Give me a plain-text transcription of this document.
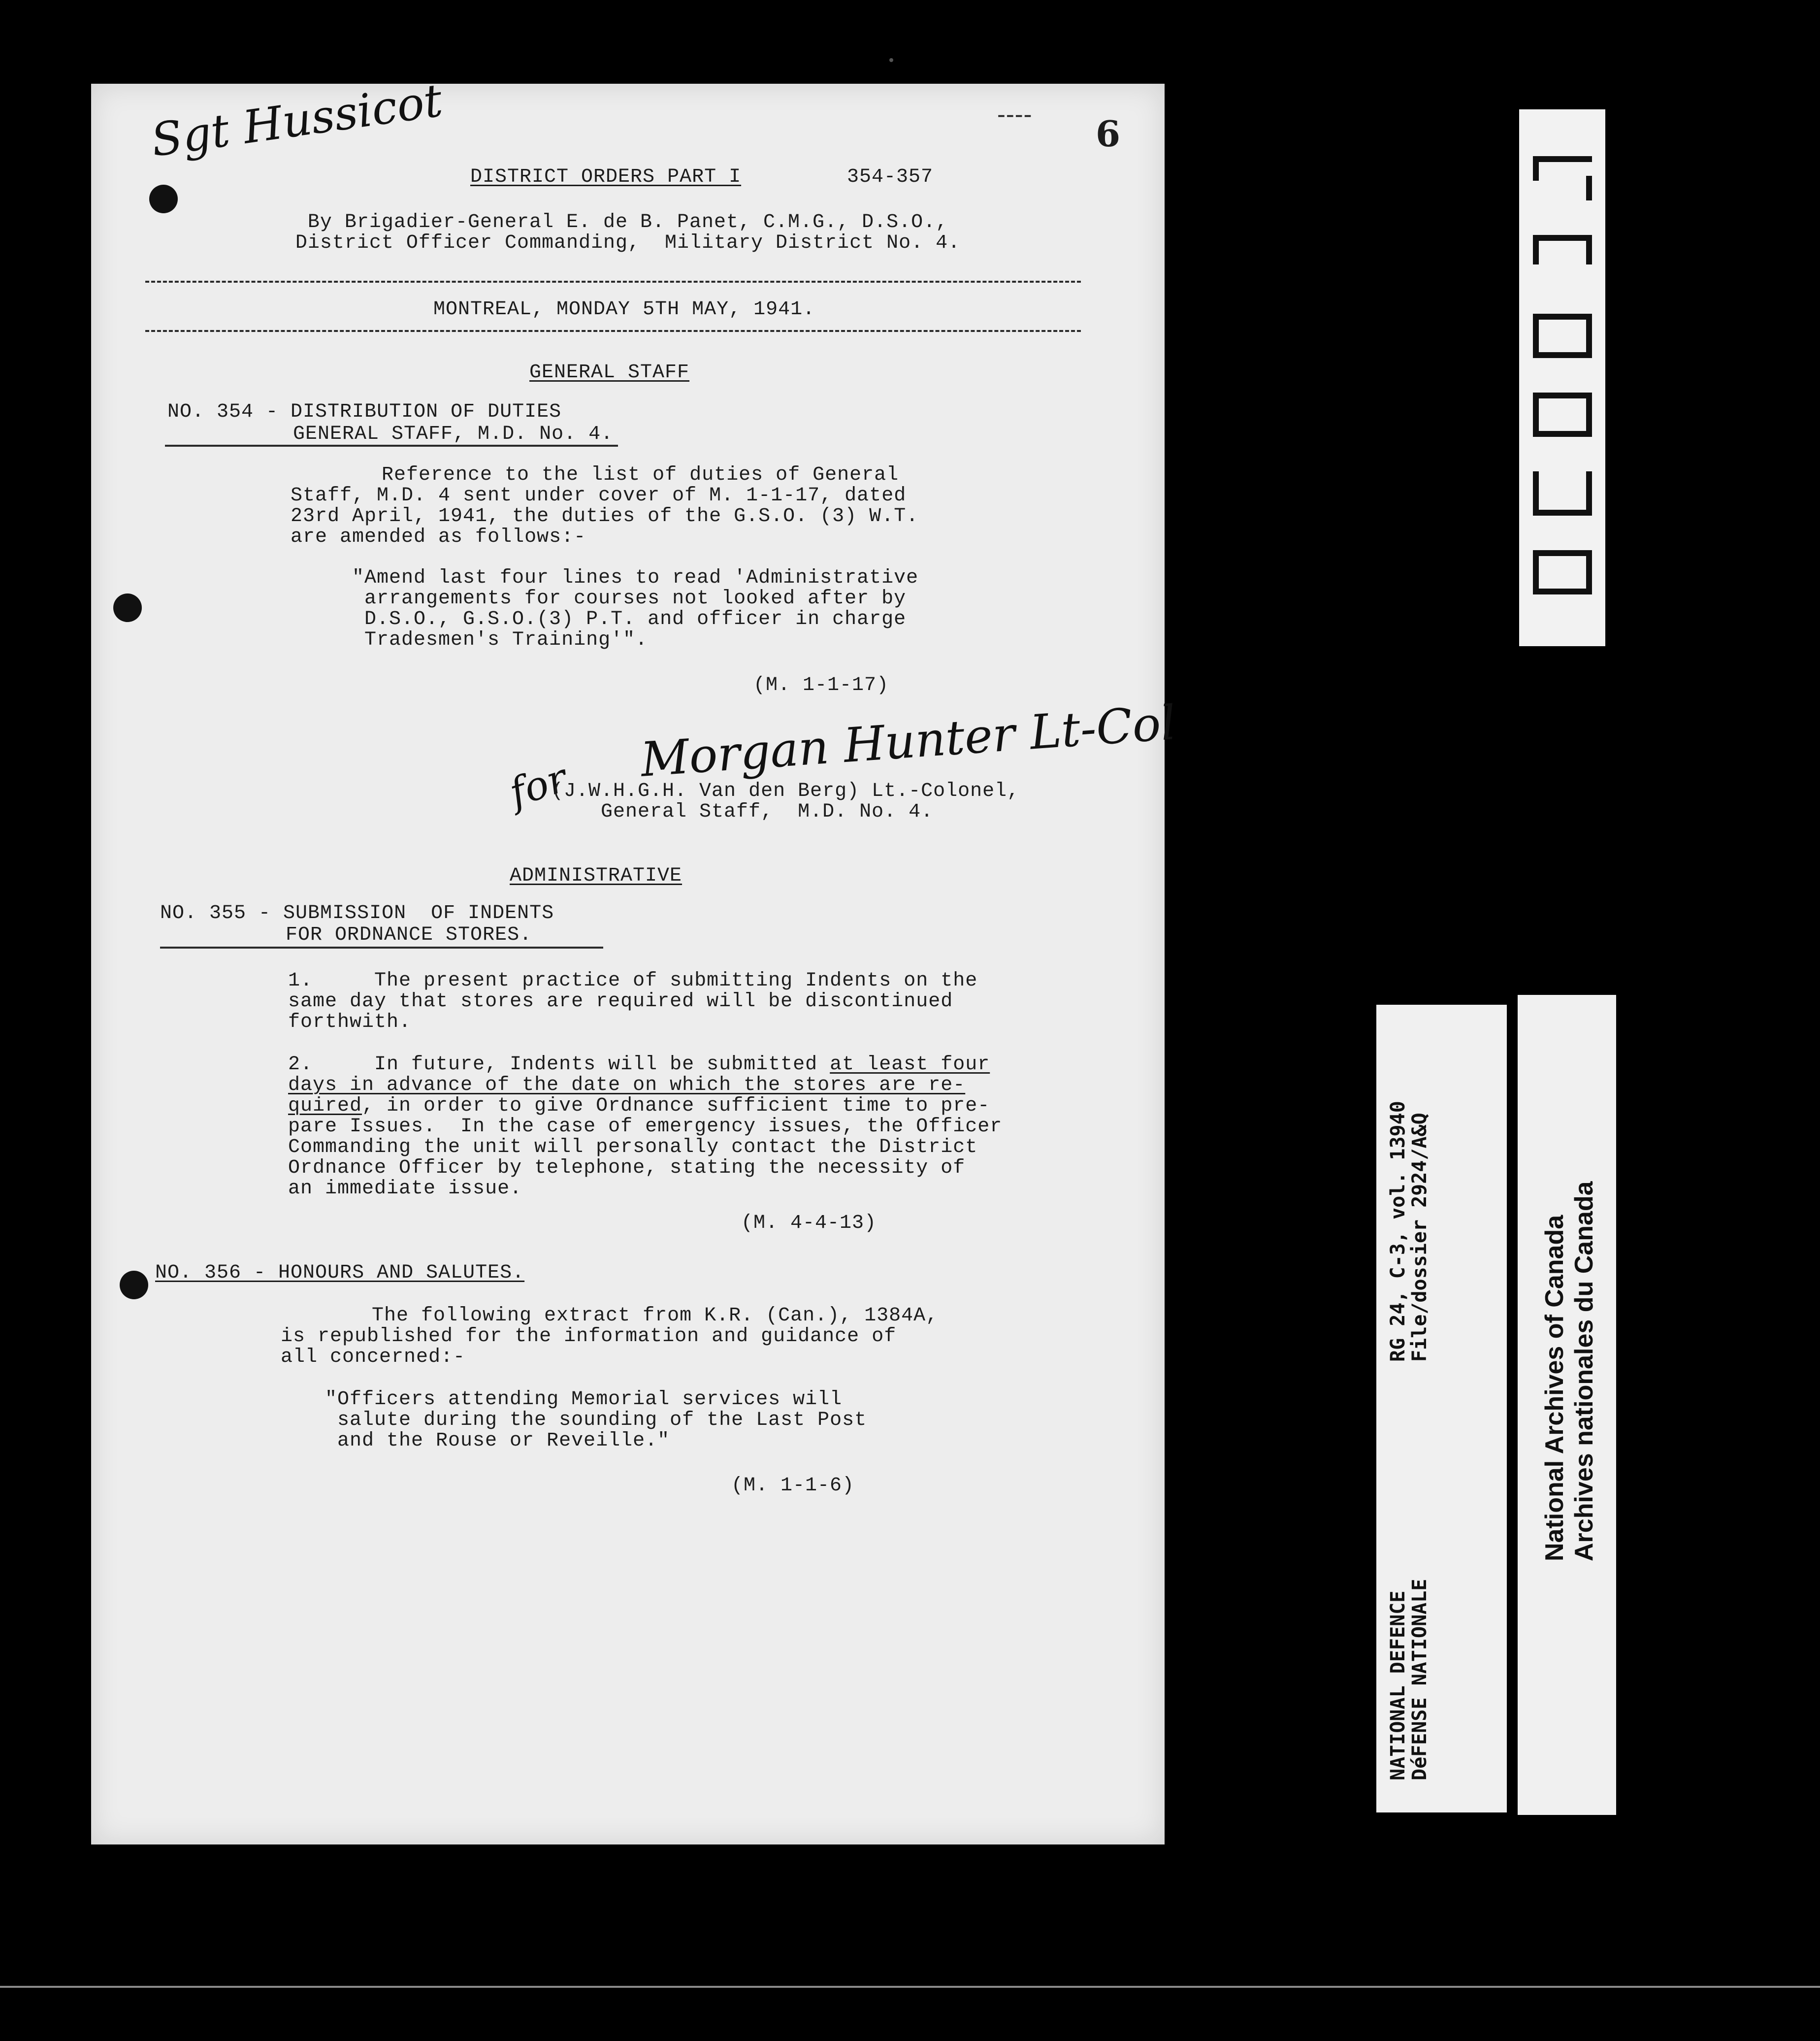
Sgt Hussicot	---- 6
DISTRICT ORDERS PART I	354-357
By Brigadier-General E. de B. Panet, C.M.G., D.S.O.,
District Officer Commanding,  Military District No. 4.
MONTREAL, MONDAY 5TH MAY, 1941.
GENERAL STAFF
NO. 354 - DISTRIBUTION OF DUTIES
GENERAL STAFF, M.D. No. 4.
Reference to the list of duties of General
Staff, M.D. 4 sent under cover of M. 1-1-17, dated
23rd April, 1941, the duties of the G.S.O. (3) W.T.
are amended as follows:-
"Amend last four lines to read 'Administrative
arrangements for courses not looked after by
D.S.O., G.S.O.(3) P.T. and officer in charge
Tradesmen's Training'".
(M. 1-1-17)
Morgan Hunter Lt-Col
for
(J.W.H.G.H. Van den Berg) Lt.-Colonel,
General Staff,  M.D. No. 4.
ADMINISTRATIVE
NO. 355 - SUBMISSION  OF INDENTS
FOR ORDNANCE STORES.
1.     The present practice of submitting Indents on the
same day that stores are required will be discontinued
forthwith.
2.     In future, Indents will be submitted at least four
days in advance of the date on which the stores are re-
quired, in order to give Ordnance sufficient time to pre-
pare Issues.  In the case of emergency issues, the Officer
Commanding the unit will personally contact the District
Ordnance Officer by telephone, stating the necessity of
an immediate issue.
(M. 4-4-13)
NO. 356 - HONOURS AND SALUTES.
The following extract from K.R. (Can.), 1384A,
is republished for the information and guidance of
all concerned:-
"Officers attending Memorial services will
salute during the sounding of the Last Post
and the Rouse or Reveille."
(M. 1-1-6)
RG 24, C-3, vol. 13940
File/dossier 2924/A&Q
NATIONAL DEFENCE
DéFENSE NATIONALE
National Archives of Canada Archives nationales du Canada
